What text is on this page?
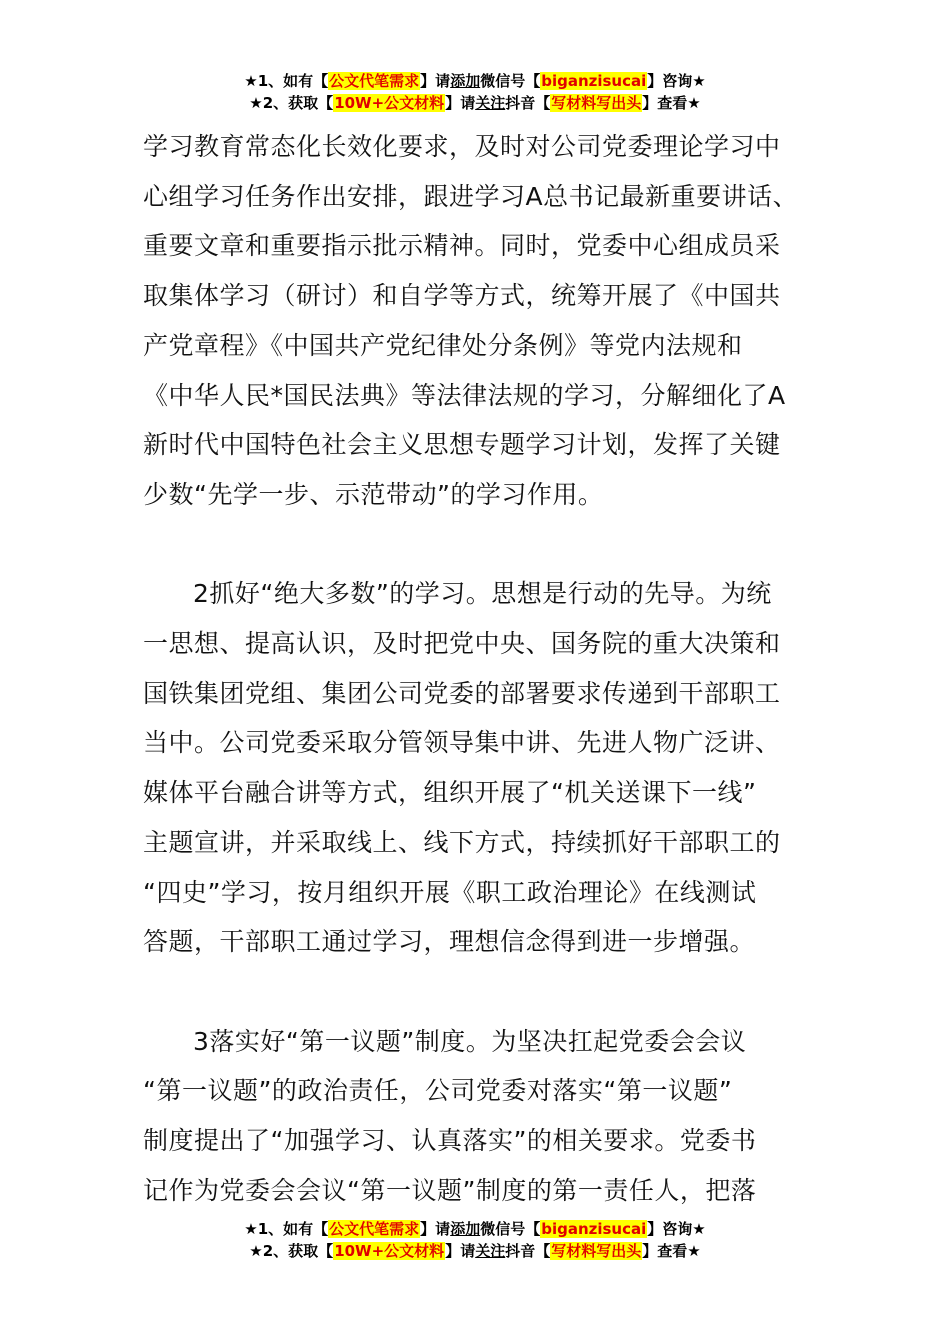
★1、如有【公文代笔需求】请添加微信号【biganzisucai】咨询★
★2、获取【10W+公文材料】请关注抖音【写材料写出头】查看★

学习教育常态化长效化要求，及时对公司党委理论学习中

心组学习任务作出安排，跟进学习A总书记最新重要讲话、

重要文章和重要指示批示精神。同时，党委中心组成员采

取集体学习（研讨）和自学等方式，统筹开展了《中国共

产党章程》《中国共产党纪律处分条例》等党内法规和

《中华人民*国民法典》等法律法规的学习，分解细化了A

新时代中国特色社会主义思想专题学习计划，发挥了关键

少数“先学一步、示范带动”的学习作用。

2抓好“绝大多数”的学习。思想是行动的先导。为统

一思想、提高认识，及时把党中央、国务院的重大决策和

国铁集团党组、集团公司党委的部署要求传递到干部职工

当中。公司党委采取分管领导集中讲、先进人物广泛讲、

媒体平台融合讲等方式，组织开展了“机关送课下一线”

主题宣讲，并采取线上、线下方式，持续抓好干部职工的

“四史”学习，按月组织开展《职工政治理论》在线测试

答题，干部职工通过学习，理想信念得到进一步增强。

3落实好“第一议题”制度。为坚决扛起党委会会议

“第一议题”的政治责任，公司党委对落实“第一议题”

制度提出了“加强学习、认真落实”的相关要求。党委书

记作为党委会会议“第一议题”制度的第一责任人，把落

★1、如有【公文代笔需求】请添加微信号【biganzisucai】咨询★
★2、获取【10W+公文材料】请关注抖音【写材料写出头】查看★
